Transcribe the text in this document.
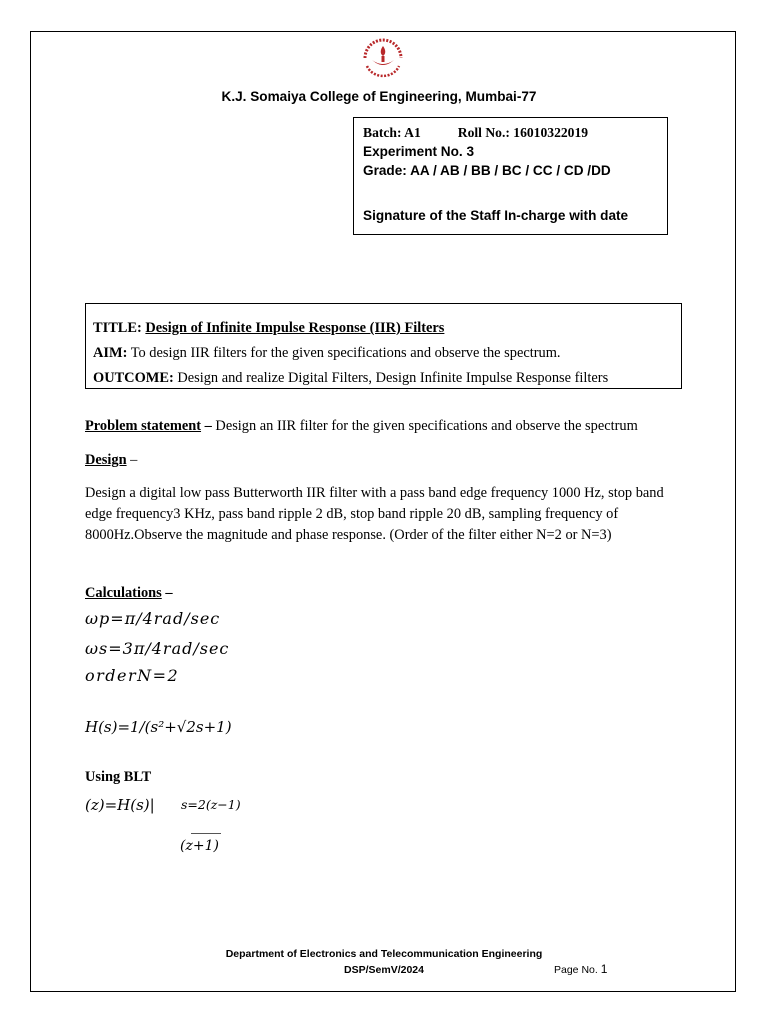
K.J. Somaiya College of Engineering, Mumbai-77
Batch: A1	Roll No.: 16010322019
Experiment No. 3
Grade: AA / AB / BB / BC / CC / CD /DD
Signature of the Staff In-charge with date
TITLE: Design of Infinite Impulse Response (IIR) Filters
AIM: To design IIR filters for the given specifications and observe the spectrum.
OUTCOME: Design and realize Digital Filters, Design Infinite Impulse Response filters
Problem statement – Design an IIR filter for the given specifications and observe the spectrum
Design –
Design a digital low pass Butterworth IIR filter with a pass band edge frequency 1000 Hz, stop band edge frequency3 KHz, pass band ripple 2 dB, stop band ripple 20 dB, sampling frequency of 8000Hz.Observe the magnitude and phase response. (Order of the filter either N=2 or N=3)
Calculations –
ωp=π/4rad/sec
ωs=3π/4rad/sec
orderN=2
H(s)=1/(s²+√2s+1)
Using BLT
(z)=H(s)| s=2(z−1)
(z+1)
Department of Electronics and Telecommunication Engineering
DSP/SemV/2024	Page No. 1
